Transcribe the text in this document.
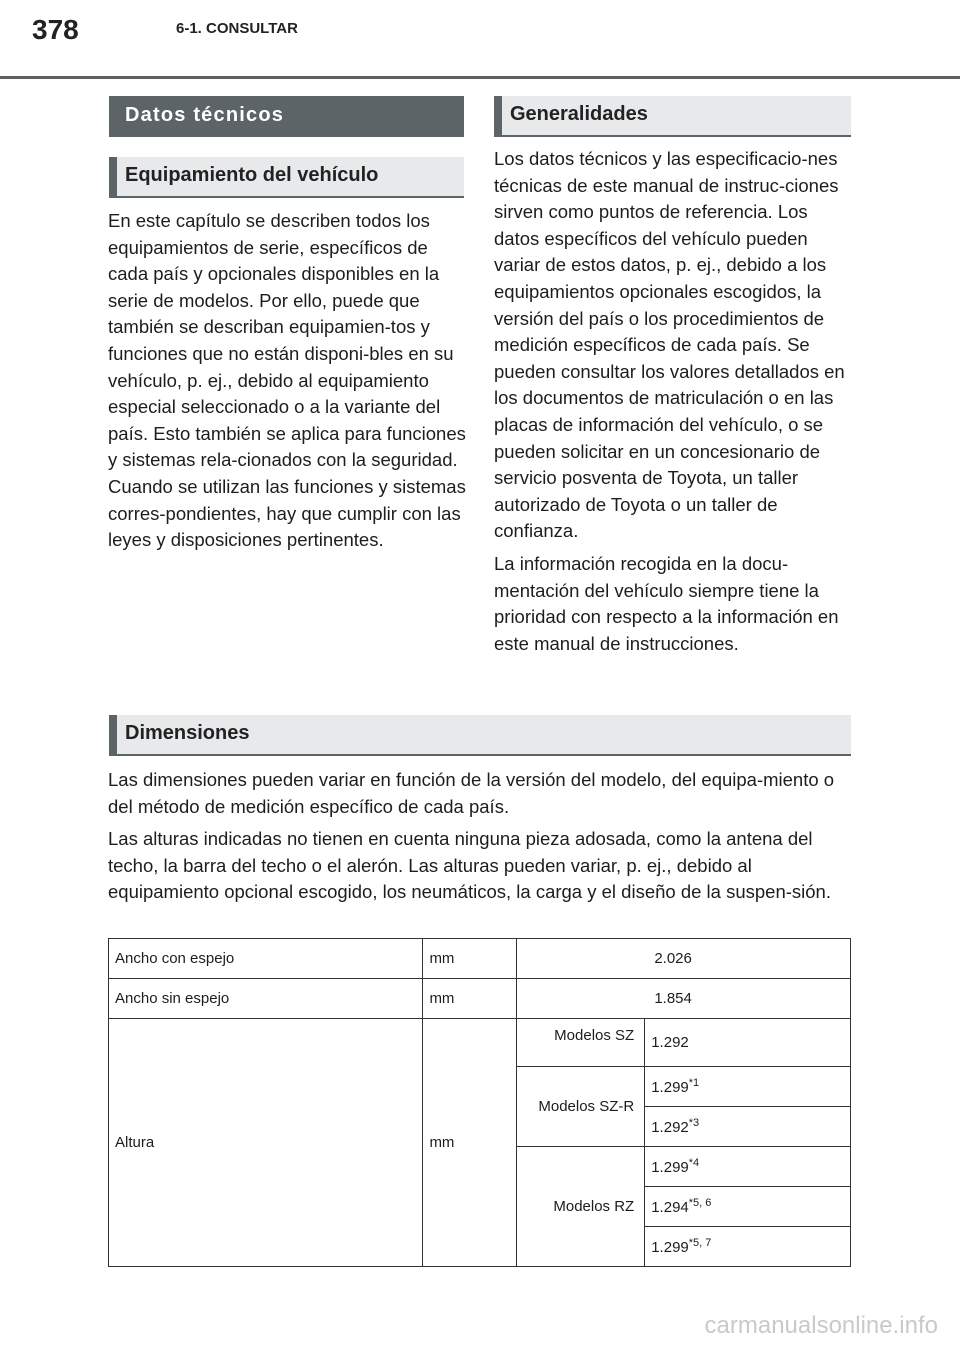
378	6-1. CONSULTAR
Datos técnicos
Equipamiento del vehículo

En este capítulo se describen todos los equipamientos de serie, específicos de cada país y opcionales disponibles en la serie de modelos. Por ello, puede que también se describan equipamien-tos y funciones que no están disponi-bles en su vehículo, p. ej., debido al equipamiento especial seleccionado o a la variante del país. Esto también se aplica para funciones y sistemas rela-cionados con la seguridad. Cuando se utilizan las funciones y sistemas corres-pondientes, hay que cumplir con las leyes y disposiciones pertinentes.

Generalidades

Los datos técnicos y las especificacio-nes técnicas de este manual de instruc-ciones sirven como puntos de referencia. Los datos específicos del vehículo pueden variar de estos datos, p. ej., debido a los equipamientos opcionales escogidos, la versión del país o los procedimientos de medición específicos de cada país. Se pueden consultar los valores detallados en los documentos de matriculación o en las placas de información del vehículo, o se pueden solicitar en un concesionario de servicio posventa de Toyota, un taller autorizado de Toyota o un taller de confianza.

La información recogida en la docu-mentación del vehículo siempre tiene la prioridad con respecto a la información en este manual de instrucciones.

Dimensiones

Las dimensiones pueden variar en función de la versión del modelo, del equipa-miento o del método de medición específico de cada país.

Las alturas indicadas no tienen en cuenta ninguna pieza adosada, como la antena del techo, la barra del techo o el alerón. Las alturas pueden variar, p. ej., debido al equipamiento opcional escogido, los neumáticos, la carga y el diseño de la suspen-sión.

Ancho con espejo	mm	2.026	
Ancho sin espejo	mm	1.854	
Altura	mm	Modelos SZ	1.292
		Modelos SZ-R	1.299$^{*1}$
			1.292$^{*3}$
		Modelos RZ	1.299$^{*4}$
			1.294$^{*5, 6}$
			1.299$^{*5, 7}$
carmanualsonline.info
